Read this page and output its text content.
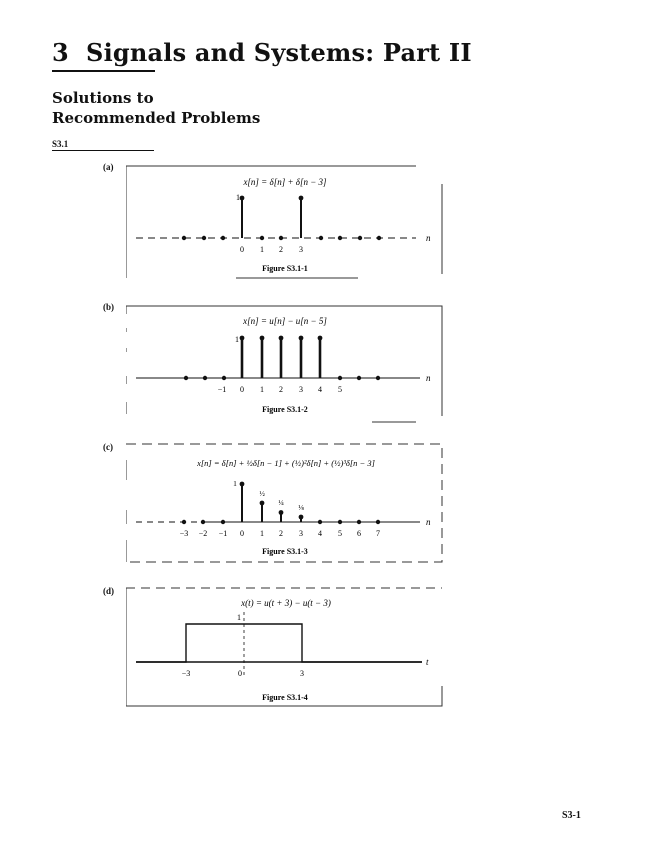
3 Signals and Systems: Part II
Solutions to
Recommended Problems
S3.1
(a)
x[n] = δ[n] + δ[n − 3]
n
1
0 1 2 3
Figure S3.1-1
(b)
x[n] = u[n] − u[n − 5]
n
1
−1 0 1 2 3 4 5
Figure S3.1-2
(c)
x[n] = δ[n] + ½δ[n − 1] + (½)²δ[n] + (½)³δ[n − 3]
n
1
½
¼
⅛
−3 −2 −1 0 1 2 3 4 5 6 7
Figure S3.1-3
(d)
x(t) = u(t + 3) − u(t − 3)
t
1
−3	0	3
Figure S3.1-4
S3-1
